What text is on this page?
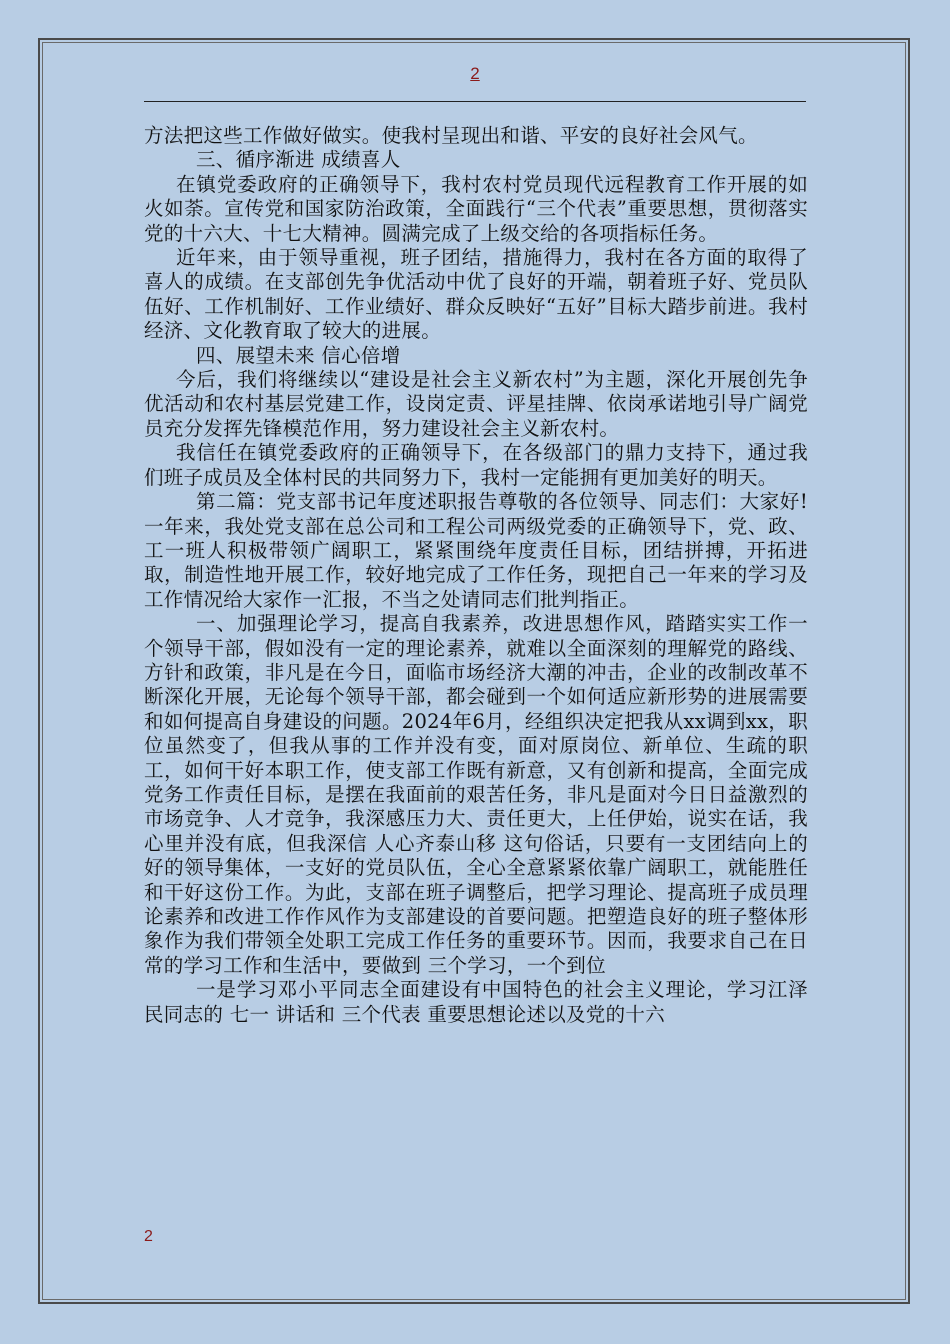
2

方法把这些工作做好做实。使我村呈现出和谐、平安的良好社会风气。

三、循序渐进 成绩喜人

在镇党委政府的正确领导下，我村农村党员现代远程教育工作开展的如火如荼。宣传党和国家防治政策，全面践行“三个代表”重要思想，贯彻落实党的十六大、十七大精神。圆满完成了上级交给的各项指标任务。

近年来，由于领导重视，班子团结，措施得力，我村在各方面的取得了喜人的成绩。在支部创先争优活动中优了良好的开端，朝着班子好、党员队伍好、工作机制好、工作业绩好、群众反映好“五好”目标大踏步前进。我村经济、文化教育取了较大的进展。

四、展望未来 信心倍增

今后，我们将继续以“建设是社会主义新农村”为主题，深化开展创先争优活动和农村基层党建工作，设岗定责、评星挂牌、依岗承诺地引导广阔党员充分发挥先锋模范作用，努力建设社会主义新农村。

我信任在镇党委政府的正确领导下，在各级部门的鼎力支持下，通过我们班子成员及全体村民的共同努力下，我村一定能拥有更加美好的明天。

第二篇：党支部书记年度述职报告尊敬的各位领导、同志们：大家好!一年来，我处党支部在总公司和工程公司两级党委的正确领导下，党、政、工一班人积极带领广阔职工，紧紧围绕年度责任目标，团结拼搏，开拓进取，制造性地开展工作，较好地完成了工作任务，现把自己一年来的学习及工作情况给大家作一汇报，不当之处请同志们批判指正。

一、加强理论学习，提高自我素养，改进思想作风，踏踏实实工作一个领导干部，假如没有一定的理论素养，就难以全面深刻的理解党的路线、方针和政策，非凡是在今日，面临市场经济大潮的冲击，企业的改制改革不断深化开展，无论每个领导干部，都会碰到一个如何适应新形势的进展需要和如何提高自身建设的问题。2024年6月，经组织决定把我从xx调到xx，职位虽然变了，但我从事的工作并没有变，面对原岗位、新单位、生疏的职工，如何干好本职工作，使支部工作既有新意，又有创新和提高，全面完成党务工作责任目标，是摆在我面前的艰苦任务，非凡是面对今日日益激烈的市场竞争、人才竞争，我深感压力大、责任更大，上任伊始，说实在话，我心里并没有底，但我深信 人心齐泰山移 这句俗话，只要有一支团结向上的好的领导集体，一支好的党员队伍，全心全意紧紧依靠广阔职工，就能胜任和干好这份工作。为此，支部在班子调整后，把学习理论、提高班子成员理论素养和改进工作作风作为支部建设的首要问题。把塑造良好的班子整体形象作为我们带领全处职工完成工作任务的重要环节。因而，我要求自己在日常的学习工作和生活中，要做到 三个学习，一个到位

一是学习邓小平同志全面建设有中国特色的社会主义理论，学习江泽民同志的 七一 讲话和 三个代表 重要思想论述以及党的十六

2
